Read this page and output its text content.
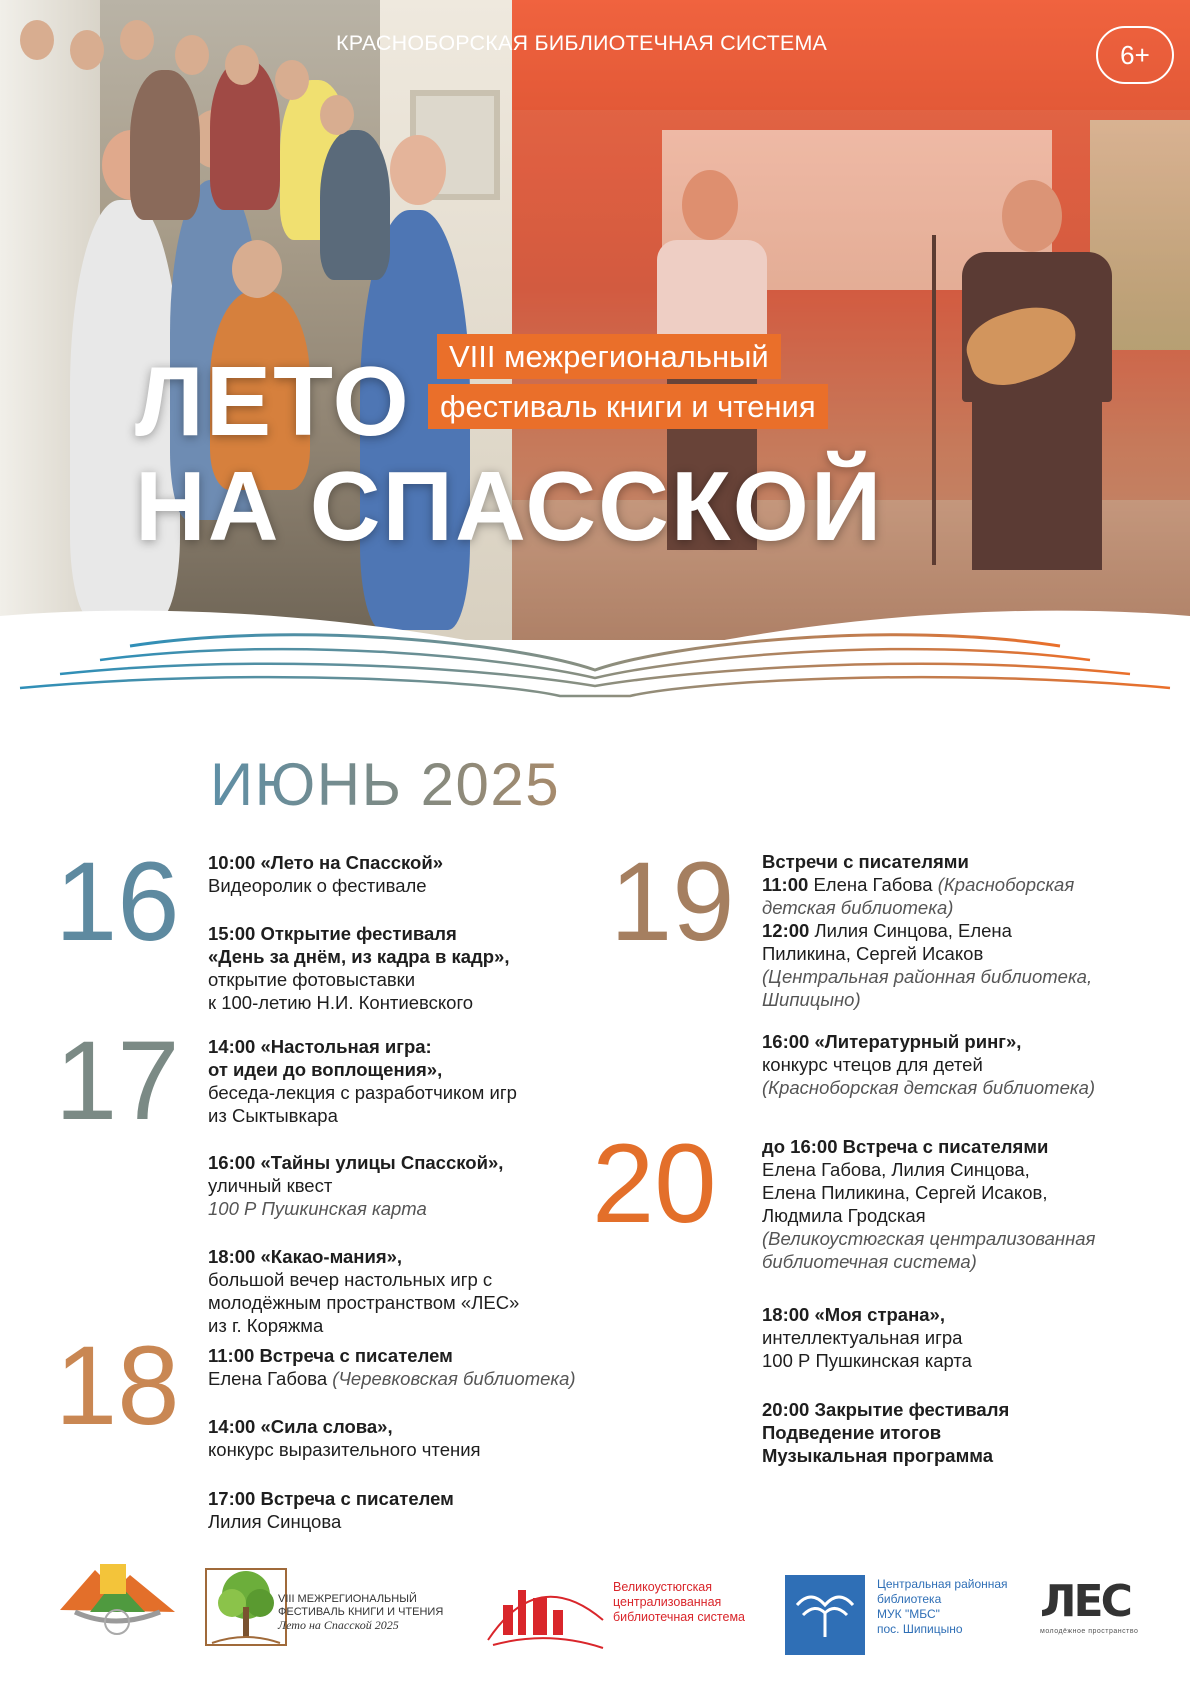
КРАСНОБОРСКАЯ БИБЛИОТЕЧНАЯ СИСТЕМА	6+
ЛЕТО
НА СПАССКОЙ
VIII межрегиональный
фестиваль книги и чтения
ИЮНЬ 2025
16
17
18
19
20
10:00 «Лето на Спасской»
Видеоролик о фестивале
15:00 Открытие фестиваля
«День за днём, из кадра в кадр»,
открытие фотовыставки
к 100-летию Н.И. Контиевского
14:00 «Настольная игра:
от идеи до воплощения»,
беседа-лекция с разработчиком игр
из Сыктывкара
16:00 «Тайны улицы Спасской»,
уличный квест
100 Р Пушкинская карта
18:00 «Какао-мания»,
большой вечер настольных игр с
молодёжным пространством «ЛЕС»
из г. Коряжма
11:00 Встреча с писателем
Елена Габова (Черевковская библиотека)
14:00 «Сила слова»,
конкурс выразительного чтения
17:00 Встреча с писателем
Лилия Синцова
Встречи с писателями
11:00 Елена Габова (Красноборская
детская библиотека)
12:00 Лилия Синцова, Елена
Пиликина, Сергей Исаков
(Центральная районная библиотека,
Шипицыно)
16:00 «Литературный ринг»,
конкурс чтецов для детей
(Красноборская детская библиотека)
до 16:00 Встреча с писателями
Елена Габова, Лилия Синцова,
Елена Пиликина, Сергей Исаков,
Людмила Гродская
(Великоустюгская централизованная
библиотечная система)
18:00 «Моя страна»,
интеллектуальная игра
100 Р Пушкинская карта
20:00 Закрытие фестиваля
Подведение итогов
Музыкальная программа
VIII МЕЖРЕГИОНАЛЬНЫЙ
ФЕСТИВАЛЬ КНИГИ И ЧТЕНИЯ
Лето на Спасской 2025
Великоустюгская
централизованная
библиотечная система
Центральная районная
библиотека
МУК "МБС"
пос. Шипицыно
ЛЕС
молодёжное пространство
